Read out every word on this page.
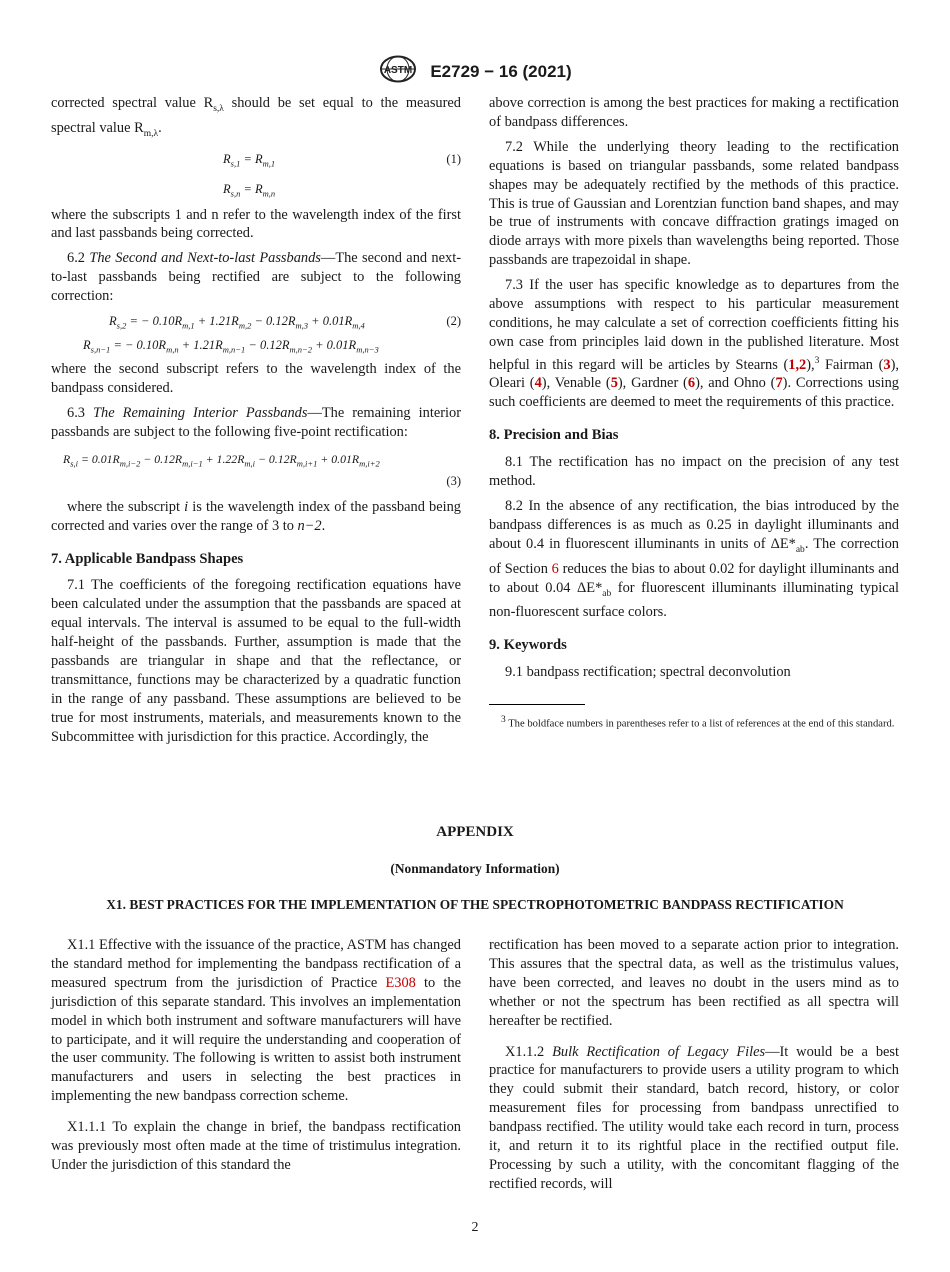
ASTM E2729 − 16 (2021)

corrected spectral value $R_{s,\lambda}$ should be set equal to the measured spectral value $R_{m,\lambda}$.

$R_{s,1} = R_{m,1}$	(1)
$R_{s,n} = R_{m,n}$

where the subscripts 1 and n refer to the wavelength index of the first and last passbands being corrected.

6.2 The Second and Next-to-last Passbands—The second and next-to-last passbands being rectified are subject to the following correction:

$R_{s,2}$ = − $0.10R_{m,1} + 1.21R_{m,2} - 0.12R_{m,3} + 0.01R_{m,4}$	(2)
$R_{s,n-1}$ = − $0.10R_{m,n} + 1.21R_{m,n-1} - 0.12R_{m,n-2} + 0.01R_{m,n-3}$

where the second subscript refers to the wavelength index of the bandpass considered.

6.3 The Remaining Interior Passbands—The remaining interior passbands are subject to the following five-point rectification:

$R_{s,i} = 0.01R_{m,i-2} - 0.12R_{m,i-1} + 1.22R_{m,i} - 0.12R_{m,i+1} + 0.01R_{m,i+2}$
(3)

where the subscript i is the wavelength index of the passband being corrected and varies over the range of 3 to n−2.

7. Applicable Bandpass Shapes

7.1 The coefficients of the foregoing rectification equations have been calculated under the assumption that the passbands are spaced at equal intervals. The interval is assumed to be equal to the full-width half-height of the passbands. Further, assumption is made that the passbands are triangular in shape and that the reflectance, or transmittance, functions may be characterized by a quadratic function in the range of any passband. These assumptions are believed to be true for most instruments, materials, and measurements known to the Subcommittee with jurisdiction for this practice. Accordingly, the

above correction is among the best practices for making a rectification of bandpass differences.

7.2 While the underlying theory leading to the rectification equations is based on triangular passbands, some related bandpass shapes may be adequately rectified by the methods of this practice. This is true of Gaussian and Lorentzian function band shapes, and may be true of instruments with concave diffraction gratings imaged on diode arrays with more pixels than wavelengths being reported. Those passbands are trapezoidal in shape.

7.3 If the user has specific knowledge as to departures from the above assumptions with respect to his particular measurement conditions, he may calculate a set of correction coefficients fitting his own case from principles laid down in the published literature. Most helpful in this regard will be articles by Stearns (1,2),$^3$ Fairman (3), Oleari (4), Venable (5), Gardner (6), and Ohno (7). Corrections using such coefficients are deemed to meet the requirements of this practice.

8. Precision and Bias

8.1 The rectification has no impact on the precision of any test method.

8.2 In the absence of any rectification, the bias introduced by the bandpass differences is as much as 0.25 in daylight illuminants and about 0.4 in fluorescent illuminants in units of $\Delta E*_{ab}$. The correction of Section 6 reduces the bias to about 0.02 for daylight illuminants and to about 0.04 $\Delta E*_{ab}$ for fluorescent illuminants illuminating typical non-fluorescent surface colors.

9. Keywords

9.1 bandpass rectification; spectral deconvolution

$^3$ The boldface numbers in parentheses refer to a list of references at the end of this standard.

APPENDIX
(Nonmandatory Information)
X1. BEST PRACTICES FOR THE IMPLEMENTATION OF THE SPECTROPHOTOMETRIC BANDPASS RECTIFICATION

X1.1 Effective with the issuance of the practice, ASTM has changed the standard method for implementing the bandpass rectification of a measured spectrum from the jurisdiction of Practice E308 to the jurisdiction of this separate standard. This involves an implementation model in which both instrument and software manufacturers will have to participate, and it will require the understanding and cooperation of the user community. The following is written to assist both instrument manufacturers and users in selecting the best practices in implementing the new bandpass correction scheme.

X1.1.1 To explain the change in brief, the bandpass rectification was previously most often made at the time of tristimulus integration. Under the jurisdiction of this standard the

rectification has been moved to a separate action prior to integration. This assures that the spectral data, as well as the tristimulus values, have been corrected, and leaves no doubt in the users mind as to whether or not the spectrum has been rectified as all spectra will hereafter be rectified.

X1.1.2 Bulk Rectification of Legacy Files—It would be a best practice for manufacturers to provide users a utility program to which they could submit their standard, batch record, history, or color measurement files for processing from bandpass unrectified to bandpass rectified. The utility would take each record in turn, process it, and return it to its rightful place in the rectified output file. Processing by such a utility, with the concomitant flagging of the rectified records, will

2
